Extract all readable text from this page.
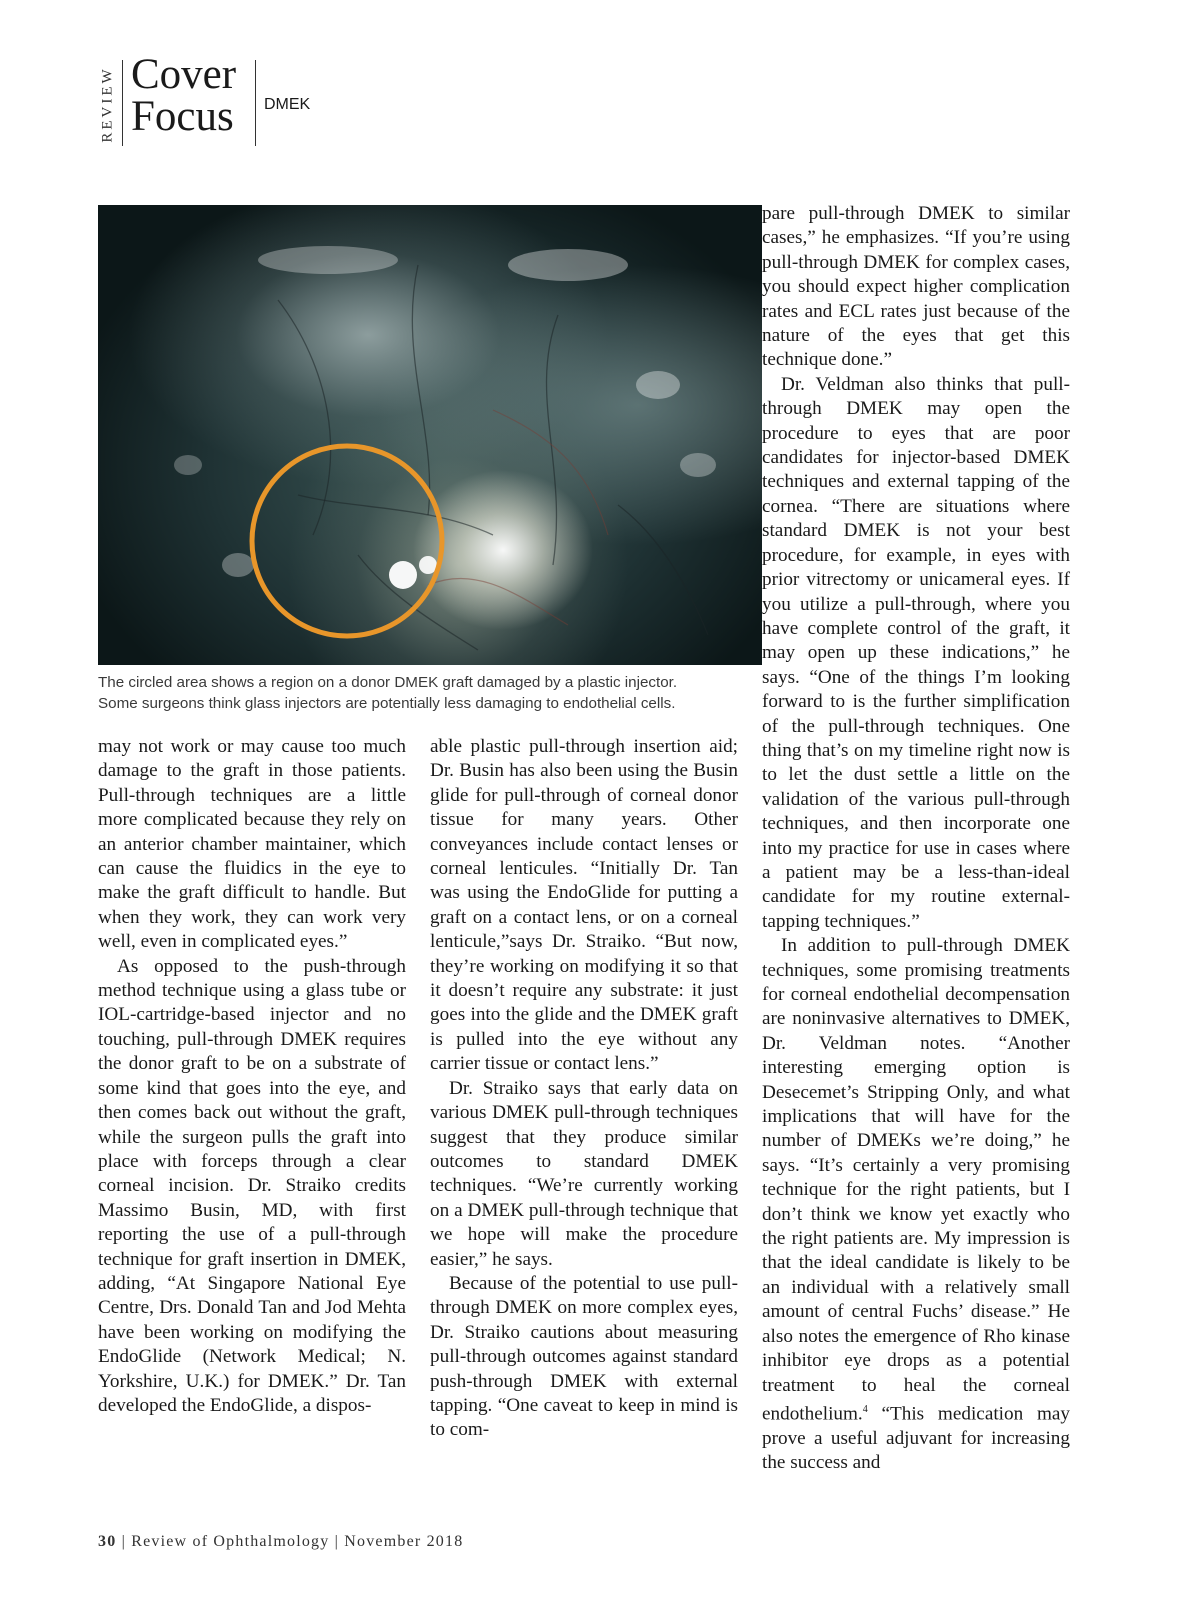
REVIEW Cover
Focus DMEK

The circled area shows a region on a donor DMEK graft damaged by a plastic injector.

Some surgeons think glass injectors are potentially less damaging to endothelial cells.

may not work or may cause too much damage to the graft in those patients. Pull-through techniques are a little more complicated because they rely on an anterior chamber maintainer, which can cause the fluidics in the eye to make the graft difficult to handle. But when they work, they can work very well, even in complicated eyes.”

As opposed to the push-through method technique using a glass tube or IOL-cartridge-based injector and no touching, pull-through DMEK requires the donor graft to be on a substrate of some kind that goes into the eye, and then comes back out without the graft, while the surgeon pulls the graft into place with forceps through a clear corneal incision. Dr. Straiko credits Massimo Busin, MD, with first reporting the use of a pull-through technique for graft insertion in DMEK, adding, “At Singapore National Eye Centre, Drs. Donald Tan and Jod Mehta have been working on modifying the EndoGlide (Network Medical; N. Yorkshire, U.K.) for DMEK.” Dr. Tan developed the EndoGlide, a dispos-

able plastic pull-through insertion aid; Dr. Busin has also been using the Busin glide for pull-through of corneal donor tissue for many years. Other conveyances include contact lenses or corneal lenticules. “Initially Dr. Tan was using the EndoGlide for putting a graft on a contact lens, or on a corneal lenticule,”says Dr. Straiko. “But now, they’re working on modifying it so that it doesn’t require any substrate: it just goes into the glide and the DMEK graft is pulled into the eye without any carrier tissue or contact lens.”

Dr. Straiko says that early data on various DMEK pull-through techniques suggest that they produce similar outcomes to standard DMEK techniques. “We’re currently working on a DMEK pull-through technique that we hope will make the procedure easier,” he says.

Because of the potential to use pull-through DMEK on more complex eyes, Dr. Straiko cautions about measuring pull-through outcomes against standard push-through DMEK with external tapping. “One caveat to keep in mind is to com-

pare pull-through DMEK to similar cases,” he emphasizes. “If you’re using pull-through DMEK for complex cases, you should expect higher complication rates and ECL rates just because of the nature of the eyes that get this technique done.”

Dr. Veldman also thinks that pull-through DMEK may open the procedure to eyes that are poor candidates for injector-based DMEK techniques and external tapping of the cornea. “There are situations where standard DMEK is not your best procedure, for example, in eyes with prior vitrectomy or unicameral eyes. If you utilize a pull-through, where you have complete control of the graft, it may open up these indications,” he says. “One of the things I’m looking forward to is the further simplification of the pull-through techniques. One thing that’s on my timeline right now is to let the dust settle a little on the validation of the various pull-through techniques, and then incorporate one into my practice for use in cases where a patient may be a less-than-ideal candidate for my routine external-tapping techniques.”

In addition to pull-through DMEK techniques, some promising treatments for corneal endothelial decompensation are noninvasive alternatives to DMEK, Dr. Veldman notes. “Another interesting emerging option is Desecemet’s Stripping Only, and what implications that will have for the number of DMEKs we’re doing,” he says. “It’s certainly a very promising technique for the right patients, but I don’t think we know yet exactly who the right patients are. My impression is that the ideal candidate is likely to be an individual with a relatively small amount of central Fuchs’ disease.” He also notes the emergence of Rho kinase inhibitor eye drops as a potential treatment to heal the corneal endothelium.$^4$ “This medication may prove a useful adjuvant for increasing the success and

30 | Review of Ophthalmology | November 2018
